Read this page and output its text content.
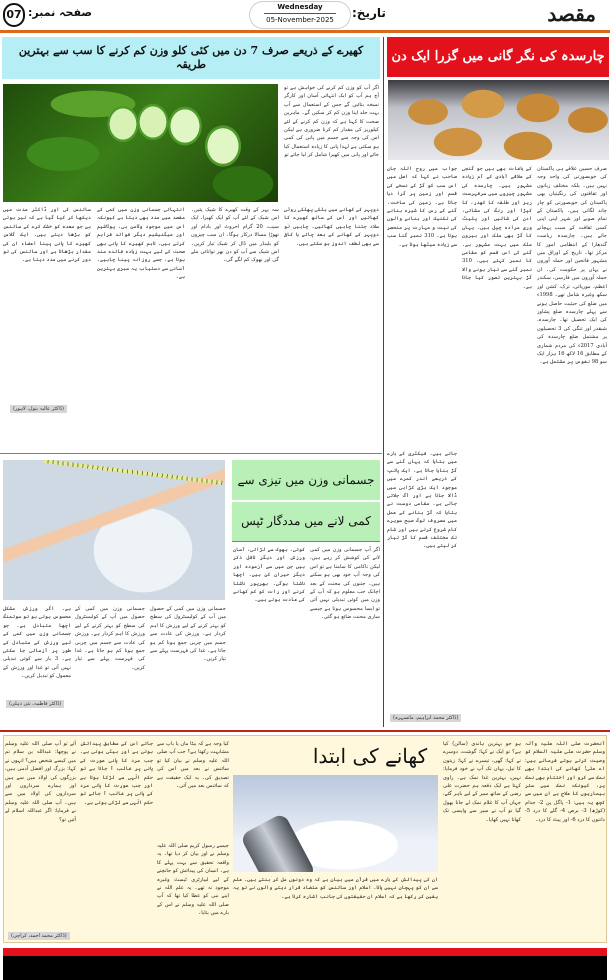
مقصد
تاریخ:
Wednesday
05-November-2025
صفحہ نمبر:
07
کھیرے کے ذریعے صرف 7 دن میں کئی کلو وزن کم کرنے کا سب سے بہترین طریقہ
اگر آپ کو وزن کم کرنے کی خواہش ہے تو آج ہم آپ کو ایک انتہائی آسان اور کارگر نسخہ بتائیں گے جس کے استعمال سے آپ بہت جلد اپنا وزن کم کر سکیں گے۔ ماہرین صحت کا کہنا ہے کہ وزن کم کرنے کے لئے کیلوریز کی مقدار کم کرنا ضروری ہے لیکن اس کی وجہ سے جسم میں پانی کی کمی ہو سکتی ہے لہذا پانی کا زیادہ استعمال کیا جائے اور پانی میں کھیرا شامل کر لیا جائے تو
دوپہر کے کھانے میں ہلکی پھلکی روٹی کھائیں اور اس کے ساتھ کھیرے کا سلاد جتنا چاہیں کھائیں۔ چاہیں تو دوپہر کے کھانے کے بعد چائے یا کافی سے بھی لطف اندوز ہو سکتے ہیں۔
سہ پہر کے وقت کھیرے کا شیک پئیں۔ اس شیک کے لئے آپ کو ایک کھیرا، ایک سیب، 20 گرام اخروٹ اور بادام اور تھوڑا مسالا درکار ہوگا۔ ان سب چیزوں کو بلینڈر میں ڈال کر شیک تیار کریں۔ اس شیک سے آپ کو دن بھر توانائی ملے گی اور بھوک کم لگے گی۔
انتہائی جسمانی وزن میں کمی کے مقصد میں مدد بھی دیتا ہے کیونکہ اس میں موجود وٹامن بی، پوٹاشیم اور میگنیشیم دیگر فوائد فراہم کرتے ہیں۔ تاہم کھیرے کا پانی بھی صحت کے لیے بہت زیادہ فائدہ مند ہوتا ہے، جسے روزانہ پینا چاہیے۔ آسانی سے دستیاب یہ سبزی بہترین ہے۔
سائنس کی اور ڈاکٹر مدت میں دیکھا کر کیا گیا ہے کہ تیز ہوتی ہے جو معدہ کو خشک کرے کے سائنس کو بڑھا دیتے ہیں۔ ایک گلاس کھیرے کا پانی پینا اعضاء ان کی مقدار بڑھاتا ہے اور سائنس کی تو دور کرنے میں مدد دیتا ہے۔
(ڈاکٹر عالیہ بتول، لاہور)
چارسدہ کی نگر گانی میں گزرا ایک دن
صرف حسین علاقے ہی پاکستان کی خوبصورتی کی واحد وجہ نہیں ہیں۔ بلکہ مختلف زبانوں اور ثقافتوں کی رنگینیاں بھی پاکستان کی خوبصورتی کو چار چاند لگاتی ہیں۔ پاکستان کے تمام صوبے اور شہر اپنی اپنی کسی ثقافت کے سبب پہچانے جاتے ہیں۔ چارسدہ ریاست گندھارا کے انتظامی امور کا مرکز تھا۔ تاریخ کے اوراق میں مشہور فاتحین اور حملہ آوروں نے یہاں پر حکومت کی۔ ان حملہ آوروں میں فارسی، سکندر اعظم، موریائی، ترک، کشن اور سکھ وغیرہ شامل تھے۔ 1998ء میں ضلع کی حیثیت حاصل ہونے سے پہلے چارسدہ ضلع پشاور کی ایک تحصیل تھا۔ چارسدہ، شبقدر اور تنگی کی 3 تحصیلوں پر مشتمل ضلع چارسدہ کی آبادی 2017ء کی مردم شماری کے مطابق 16 لاکھ 16 ہزار ایک سو 98 نفوس پر مشتمل ہے۔
کے باغات بھی ہیں جو گنجی کے علاقے آبادی کے آم زیادہ مشہور ہیں۔ چارسدہ کی مشہور چیزوں میں سرفہرست ریز اور طلقہ کا کھدر، کا کپڑا اور رنگ کی مشائی، ادن کی شالیں اور پلیٹ وری مرادہ چپل ہیں۔ یہاں کا گڑ بھی ملک اور بیرون ملک میں بہت مشہور ہے۔ گنے کی اس قسم کو مقامی کا نمبر کہتے ہیں۔ 310 نمبر گنے سے تیار ہونے والا گڑ بہترین تصور کیا جاتا ہے۔
جواب میں روح اللہ جان صاحب نے کہا کہ اصل میں اس سب کو گڑ کے نسخے کی قسم اور زمین پر گرا دیا جاتا ہے۔ زمین کی ساخت، گنے کے رس کا شیرہ بنانے کی تکنیک اور بنانے والوں کی نیت و مہارت پر منحصر ہوتا ہے۔ 310 نمبر گنا سب سے زیادہ میٹھا ہوتا ہے۔
جاتے ہیں۔ فیکٹری کے بارے میں بتایا کہ یہاں گنے سے گڑ بنایا جاتا ہے۔ ایک پائپ کے ذریعے اندر کمرے میں موجود ایک بڑی کڑاہی میں ڈالا جاتا ہے اور آگ جلائی جاتی ہے۔ مقامی دوست نے بتایا کہ گڑ بنانے کے عمل میں مصروف لوگ صبح سویرے کام شروع کرتے ہیں اور شام تک مختلف قسم کا گڑ تیار کر لیتے ہیں۔
(ڈاکٹر محمد ابراہیم، مانسہرہ)
جسمانی وزن میں تیزی سے
کمی لانے میں مددگار ٹپس
اگر آپ جسمانی وزن میں کمی لانے کی کوشش کر رہے ہیں، لیکن ناکامی کا سامنا ہے تو اس کی وجہ آپ خود بھی ہو سکتے ہیں۔ جتنوں کی محنت کے بعد اچانک جب معلوم ہو کہ آپ کے وزن میں کوئی تبدیلی نہیں آئی تو ایسا محسوس ہوتا ہے جیسے ساری محنت ضائع ہو گئی۔
کوئی، بھوک سے لڑائی، آسان ورزش اور دیگر تاقل ذکر ہیں جن میں سے آزموده اور دیگر حیران کن ہیں۔ اچھا ناشتا ہوگی۔ بھرپور ناشتا کرنے اور رات کو کم کھانے کی عادت ہوتے ہیں۔
جسمانی وزن میں کمی کے حصول میں آپ کے کولیسٹرول کی سطح کو بہتر کرنے کے لیے ورزش کا اہم کردار ہے۔ ورزش کی عادت سے جسم میں چربی جمع ہونا کم ہو جاتا ہے۔ غذا کی فہرست پہلے سے تیار کریں۔
جسمانی وزن میں کمی کے حصول میں آپ کے کولیسٹرول کی سطح کو بہتر کرنے کے لیے ورزش کا اہم کردار ہے۔ ورزش کی عادت سے جسم میں چربی جمع ہونا کم ہو جاتا ہے۔ غذا کی فہرست پہلے سے تیار کریں۔
ہے۔ اگر ورزش مشکل محسوس ہوتی ہو تو سوئمنگ اچھا متبادل ہے۔ جو جسمانی وزن میں کمی کے لیے ورزش کے متبادل کے طور پر آزمائی جا سکتی ہے۔ 3 بار سے کوئی تبدیلی نہیں آتی تو غذا اور ورزش کے معمول کو تبدیل کریں۔
(ڈاکٹر فاطمہ، نئی دہلی)
کھانے کی ابتدا	آنحضرت صلی اللہ علیہ وآلہ وسلم حضرت علی علیہ السلام کو وصیت کرتے ہوئے فرماتے ہیں: اے علی! کھانے کی ابتدا بھی نمک سے کرو اور اختتام بھی نمک پر، کیونکہ نمک میں ستر بیماریوں کا علاج ہے ان میں سے کچھ یہ ہیں: 1- پاگل پن 2- جذام (کوڑھ) 3- برص 4- گلے کا درد 5- دانتوں کا درد 6- اور پیٹ کا درد۔
ہو جو بہترین ہاندی (سالن) کیا ہے؟ تو ایک نے کہا: گوشت، دوسرے نے کہا: گھی، تیسرے نے کہا: زیتون کا تیل، یہاں تک آپ نے خود فرمایا: نہیں، بہترین غذا نمک ہے۔ راوی کہتا ہے ایک دفعہ ہم حضرت علی رضی کے ساتھ سیر کے لیے باہر گئے، جہاں آپ کا غلام نمک لے جانا بھول گیا تو آپ نے سیر سے واپسی تک کھانا نہیں کھایا۔
ان کی پیدائش کے بارے میں قرآن میں بیان ہے کہ وہ دونوں مل کر بنتے ہیں۔ علم سے ان کو پہچان نہیں پاتا۔ اسلام اور سائنس کو متضاد قرار دیتے والوں نے تو یہ یقین کر رکھا ہے کہ اسلام ان حقیقتوں کی جانب اشارہ کرتا ہے۔
کیا وجہ ہے کہ بیٹا ماں یا باپ سے مشابہت رکھتا ہے؟ جب آپ صلی اللہ علیہ وسلم نے بیان کیا تو سائنس نے بعد میں اس کی تصدیق کی۔ یہ ایک حقیقت ہے کہ سائنس بعد میں آئی۔
جیسے رسول کریم صلی اللہ علیہ وسلم نے اور بیان کر دیا تھا۔ یہ واقعہ تحقیق سے بہت پہلے کا ہے۔ انسان کی پیدائش کو جانچنے کے لیے لیبارٹری ٹیسٹ وغیرہ موجود نہ تھے۔ یہ علم اللہ نے اپنے نبی کو عطا کیا تھا کہ آپ صلی اللہ علیہ وسلم نے اس کے بارے میں بتایا۔
جائے اس کے مطابق پیدائش ہوتی ہے اور بیٹی ہوتی ہے۔ جب مرد کا پانی عورت کے پانی پر غالب آ جاتا ہے تو حکم الٰہی سے لڑکا ہوتا ہے اور جب عورت کا پانی مرد کے پانی پر غالب آ جائے تو حکم الٰہی سے لڑکی ہوتی ہے۔
آئے تو آپ صلی اللہ علیہ وسلم نے پوچھا: عبداللہ بن سلام تم میں کیسے شخص ہیں؟ انہوں نے کہا: بزرگ اور افضل آدمی ہیں، بزرگوں کی اولاد میں سے ہیں اور ہمارے سرداروں اور سرداروں کی اولاد میں سے ہیں۔ آپ صلی اللہ علیہ وسلم نے فرمایا: اگر عبداللہ اسلام لے آئیں تو؟
(ڈاکٹر محمد احمد، کراچی)
